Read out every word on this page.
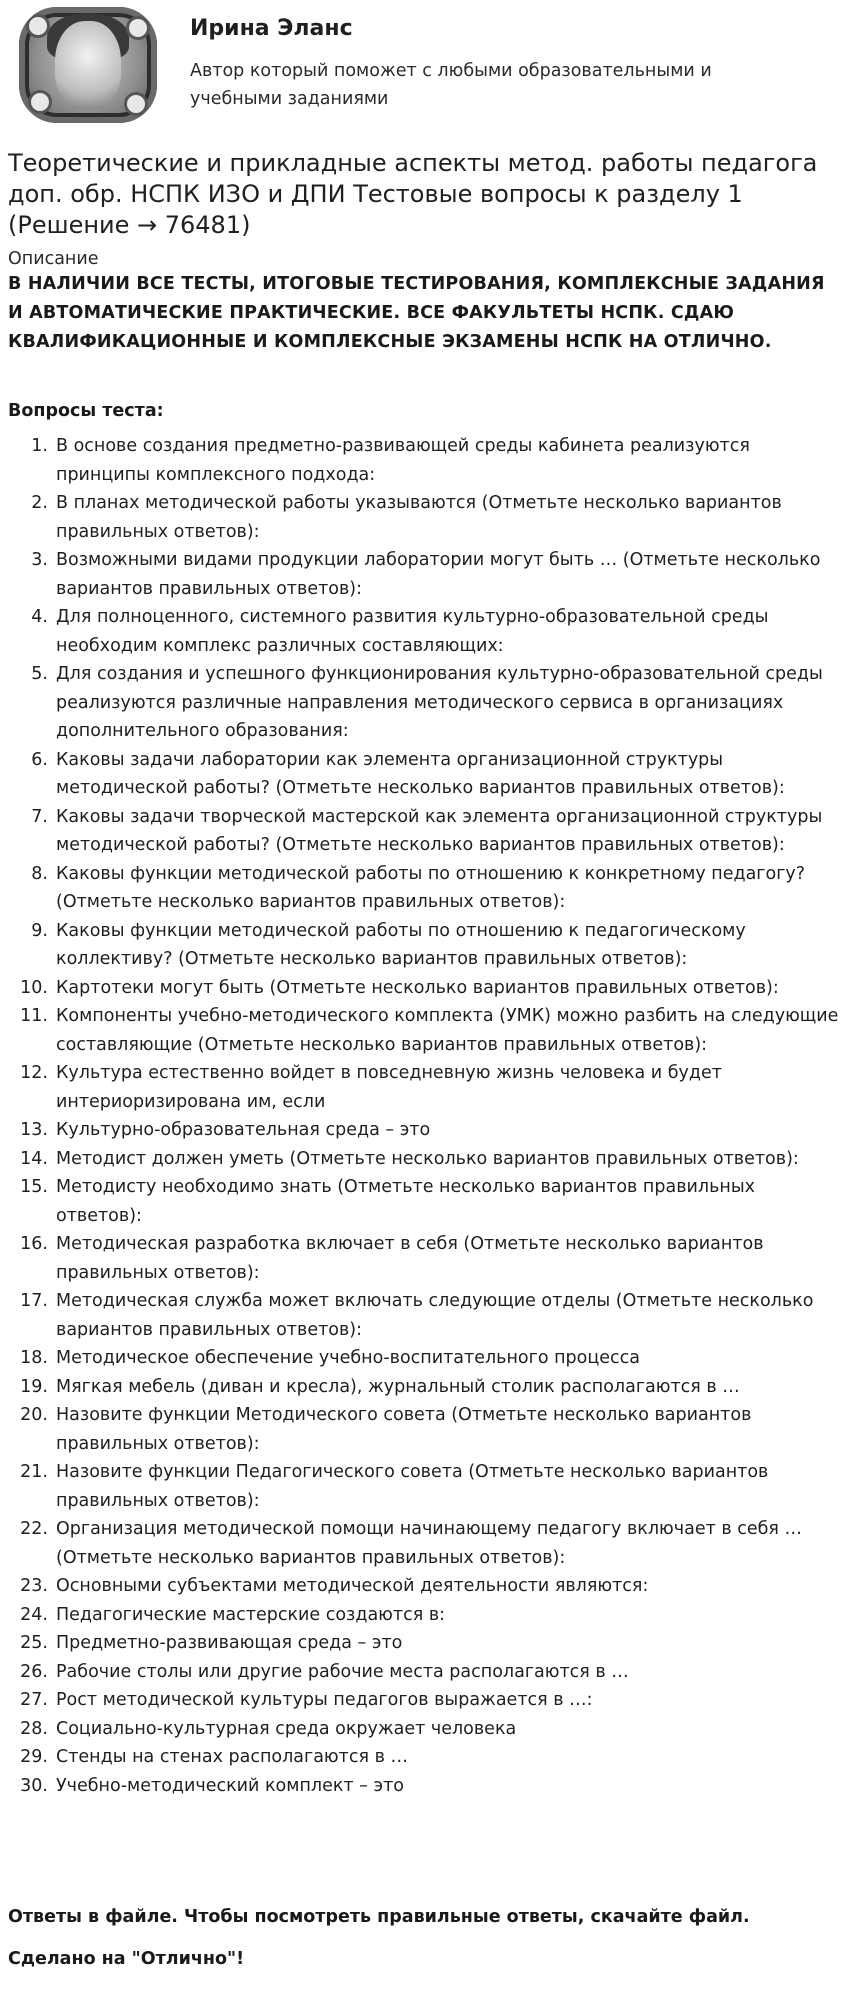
Ирина Эланс
Автор который поможет с любыми образовательными и учебными заданиями
Теоретические и прикладные аспекты метод. работы педагога доп. обр. НСПК ИЗО и ДПИ Тестовые вопросы к разделу 1 (Решение → 76481)
Описание
В НАЛИЧИИ ВСЕ ТЕСТЫ, ИТОГОВЫЕ ТЕСТИРОВАНИЯ, КОМПЛЕКСНЫЕ ЗАДАНИЯ И АВТОМАТИЧЕСКИЕ ПРАКТИЧЕСКИЕ. ВСЕ ФАКУЛЬТЕТЫ НСПК. СДАЮ КВАЛИФИКАЦИОННЫЕ И КОМПЛЕКСНЫЕ ЭКЗАМЕНЫ НСПК НА ОТЛИЧНО.
Вопросы теста:
1. В основе создания предметно-развивающей среды кабинета реализуются принципы комплексного подхода:
2. В планах методической работы указываются (Отметьте несколько вариантов правильных ответов):
3. Возможными видами продукции лаборатории могут быть … (Отметьте несколько вариантов правильных ответов):
4. Для полноценного, системного развития культурно-образовательной среды необходим комплекс различных составляющих:
5. Для создания и успешного функционирования культурно-образовательной среды реализуются различные направления методического сервиса в организациях дополнительного образования:
6. Каковы задачи лаборатории как элемента организационной структуры методической работы? (Отметьте несколько вариантов правильных ответов):
7. Каковы задачи творческой мастерской как элемента организационной структуры методической работы? (Отметьте несколько вариантов правильных ответов):
8. Каковы функции методической работы по отношению к конкретному педагогу? (Отметьте несколько вариантов правильных ответов):
9. Каковы функции методической работы по отношению к педагогическому коллективу? (Отметьте несколько вариантов правильных ответов):
10. Картотеки могут быть (Отметьте несколько вариантов правильных ответов):
11. Компоненты учебно-методического комплекта (УМК) можно разбить на следующие составляющие (Отметьте несколько вариантов правильных ответов):
12. Культура естественно войдет в повседневную жизнь человека и будет интериоризирована им, если
13. Культурно-образовательная среда – это
14. Методист должен уметь (Отметьте несколько вариантов правильных ответов):
15. Методисту необходимо знать (Отметьте несколько вариантов правильных ответов):
16. Методическая разработка включает в себя (Отметьте несколько вариантов правильных ответов):
17. Методическая служба может включать следующие отделы (Отметьте несколько вариантов правильных ответов):
18. Методическое обеспечение учебно-воспитательного процесса
19. Мягкая мебель (диван и кресла), журнальный столик располагаются в …
20. Назовите функции Методического совета (Отметьте несколько вариантов правильных ответов):
21. Назовите функции Педагогического совета (Отметьте несколько вариантов правильных ответов):
22. Организация методической помощи начинающему педагогу включает в себя … (Отметьте несколько вариантов правильных ответов):
23. Основными субъектами методической деятельности являются:
24. Педагогические мастерские создаются в:
25. Предметно-развивающая среда – это
26. Рабочие столы или другие рабочие места располагаются в …
27. Рост методической культуры педагогов выражается в …:
28. Социально-культурная среда окружает человека
29. Стенды на стенах располагаются в …
30. Учебно-методический комплект – это
Ответы в файле. Чтобы посмотреть правильные ответы, скачайте файл.
Сделано на "Отлично"!
